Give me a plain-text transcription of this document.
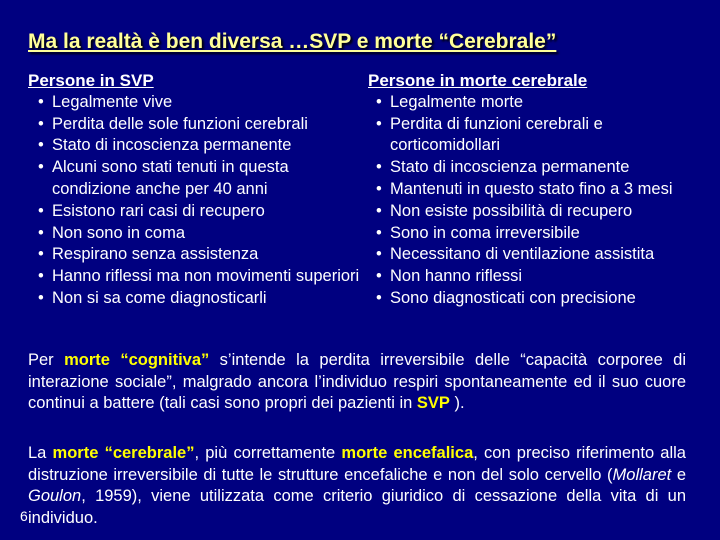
Ma la realtà è ben diversa …SVP e morte “Cerebrale”
Persone in SVP
• Legalmente vive
• Perdita delle sole funzioni cerebrali
• Stato di incoscienza permanente
• Alcuni sono stati tenuti in questa condizione anche per 40 anni
• Esistono rari casi di recupero
• Non sono in coma
• Respirano senza assistenza
• Hanno riflessi ma non movimenti superiori
• Non si sa come diagnosticarli
Persone in morte cerebrale
• Legalmente morte
• Perdita di funzioni cerebrali e corticomidollari
• Stato di incoscienza permanente
• Mantenuti in questo stato fino a 3 mesi
• Non esiste possibilità di recupero
• Sono in coma irreversibile
• Necessitano di ventilazione assistita
• Non hanno riflessi
• Sono diagnosticati con precisione
Per morte “cognitiva” s’intende la perdita irreversibile delle “capacità corporee di interazione sociale”, malgrado ancora l’individuo respiri spontaneamente ed il suo cuore continui a battere (tali casi sono propri dei pazienti in SVP ).
La morte “cerebrale”, più correttamente morte encefalica, con preciso riferimento alla distruzione irreversibile di tutte le strutture encefaliche e non del solo cervello (Mollaret e Goulon, 1959), viene utilizzata come criterio giuridico di cessazione della vita di un individuo.
6
